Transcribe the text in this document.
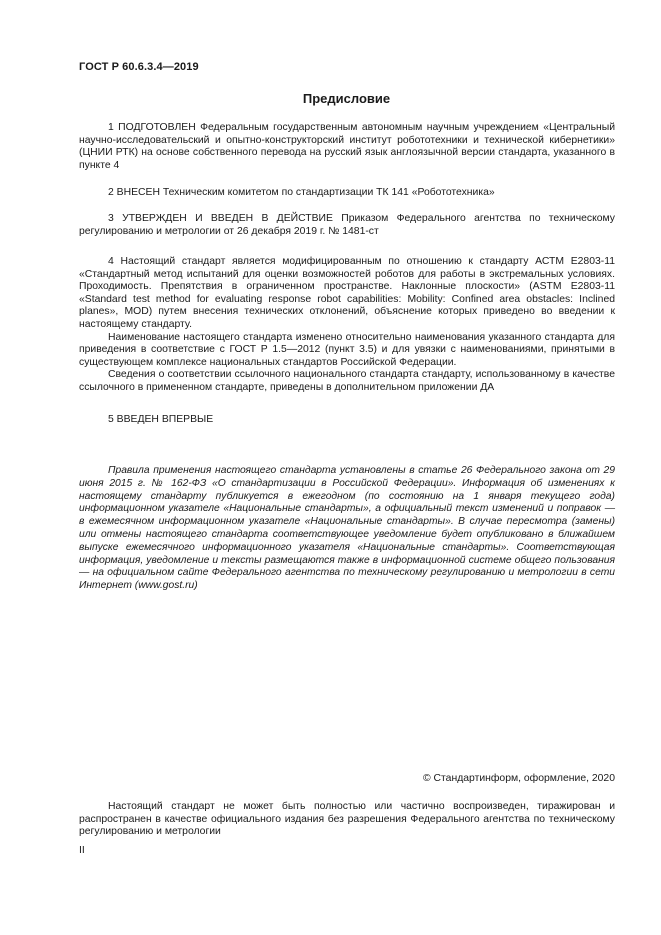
ГОСТ Р 60.6.3.4—2019
Предисловие

1 ПОДГОТОВЛЕН Федеральным государственным автономным научным учреждением «Центральный научно-исследовательский и опытно-конструкторский институт робототехники и технической кибернетики» (ЦНИИ РТК) на основе собственного перевода на русский язык англоязычной версии стандарта, указанного в пункте 4

2 ВНЕСЕН Техническим комитетом по стандартизации ТК 141 «Робототехника»

3 УТВЕРЖДЕН И ВВЕДЕН В ДЕЙСТВИЕ Приказом Федерального агентства по техническому регулированию и метрологии от 26 декабря 2019 г. № 1481-ст

4 Настоящий стандарт является модифицированным по отношению к стандарту АСТМ Е2803-11 «Стандартный метод испытаний для оценки возможностей роботов для работы в экстремальных условиях. Проходимость. Препятствия в ограниченном пространстве. Наклонные плоскости» (ASTM E2803-11 «Standard test method for evaluating response robot capabilities: Mobility: Confined area obstacles: Inclined planes», MOD) путем внесения технических отклонений, объяснение которых приведено во введении к настоящему стандарту.

Наименование настоящего стандарта изменено относительно наименования указанного стандарта для приведения в соответствие с ГОСТ Р 1.5—2012 (пункт 3.5) и для увязки с наименованиями, принятыми в существующем комплексе национальных стандартов Российской Федерации.

Сведения о соответствии ссылочного национального стандарта стандарту, использованному в качестве ссылочного в примененном стандарте, приведены в дополнительном приложении ДА

5 ВВЕДЕН ВПЕРВЫЕ

Правила применения настоящего стандарта установлены в статье 26 Федерального закона от 29 июня 2015 г. № 162-ФЗ «О стандартизации в Российской Федерации». Информация об изменениях к настоящему стандарту публикуется в ежегодном (по состоянию на 1 января текущего года) информационном указателе «Национальные стандарты», а официальный текст изменений и поправок — в ежемесячном информационном указателе «Национальные стандарты». В случае пересмотра (замены) или отмены настоящего стандарта соответствующее уведомление будет опубликовано в ближайшем выпуске ежемесячного информационного указателя «Национальные стандарты». Соответствующая информация, уведомление и тексты размещаются также в информационной системе общего пользования — на официальном сайте Федерального агентства по техническому регулированию и метрологии в сети Интернет (www.gost.ru)

© Стандартинформ, оформление, 2020

Настоящий стандарт не может быть полностью или частично воспроизведен, тиражирован и распространен в качестве официального издания без разрешения Федерального агентства по техническому регулированию и метрологии

II
